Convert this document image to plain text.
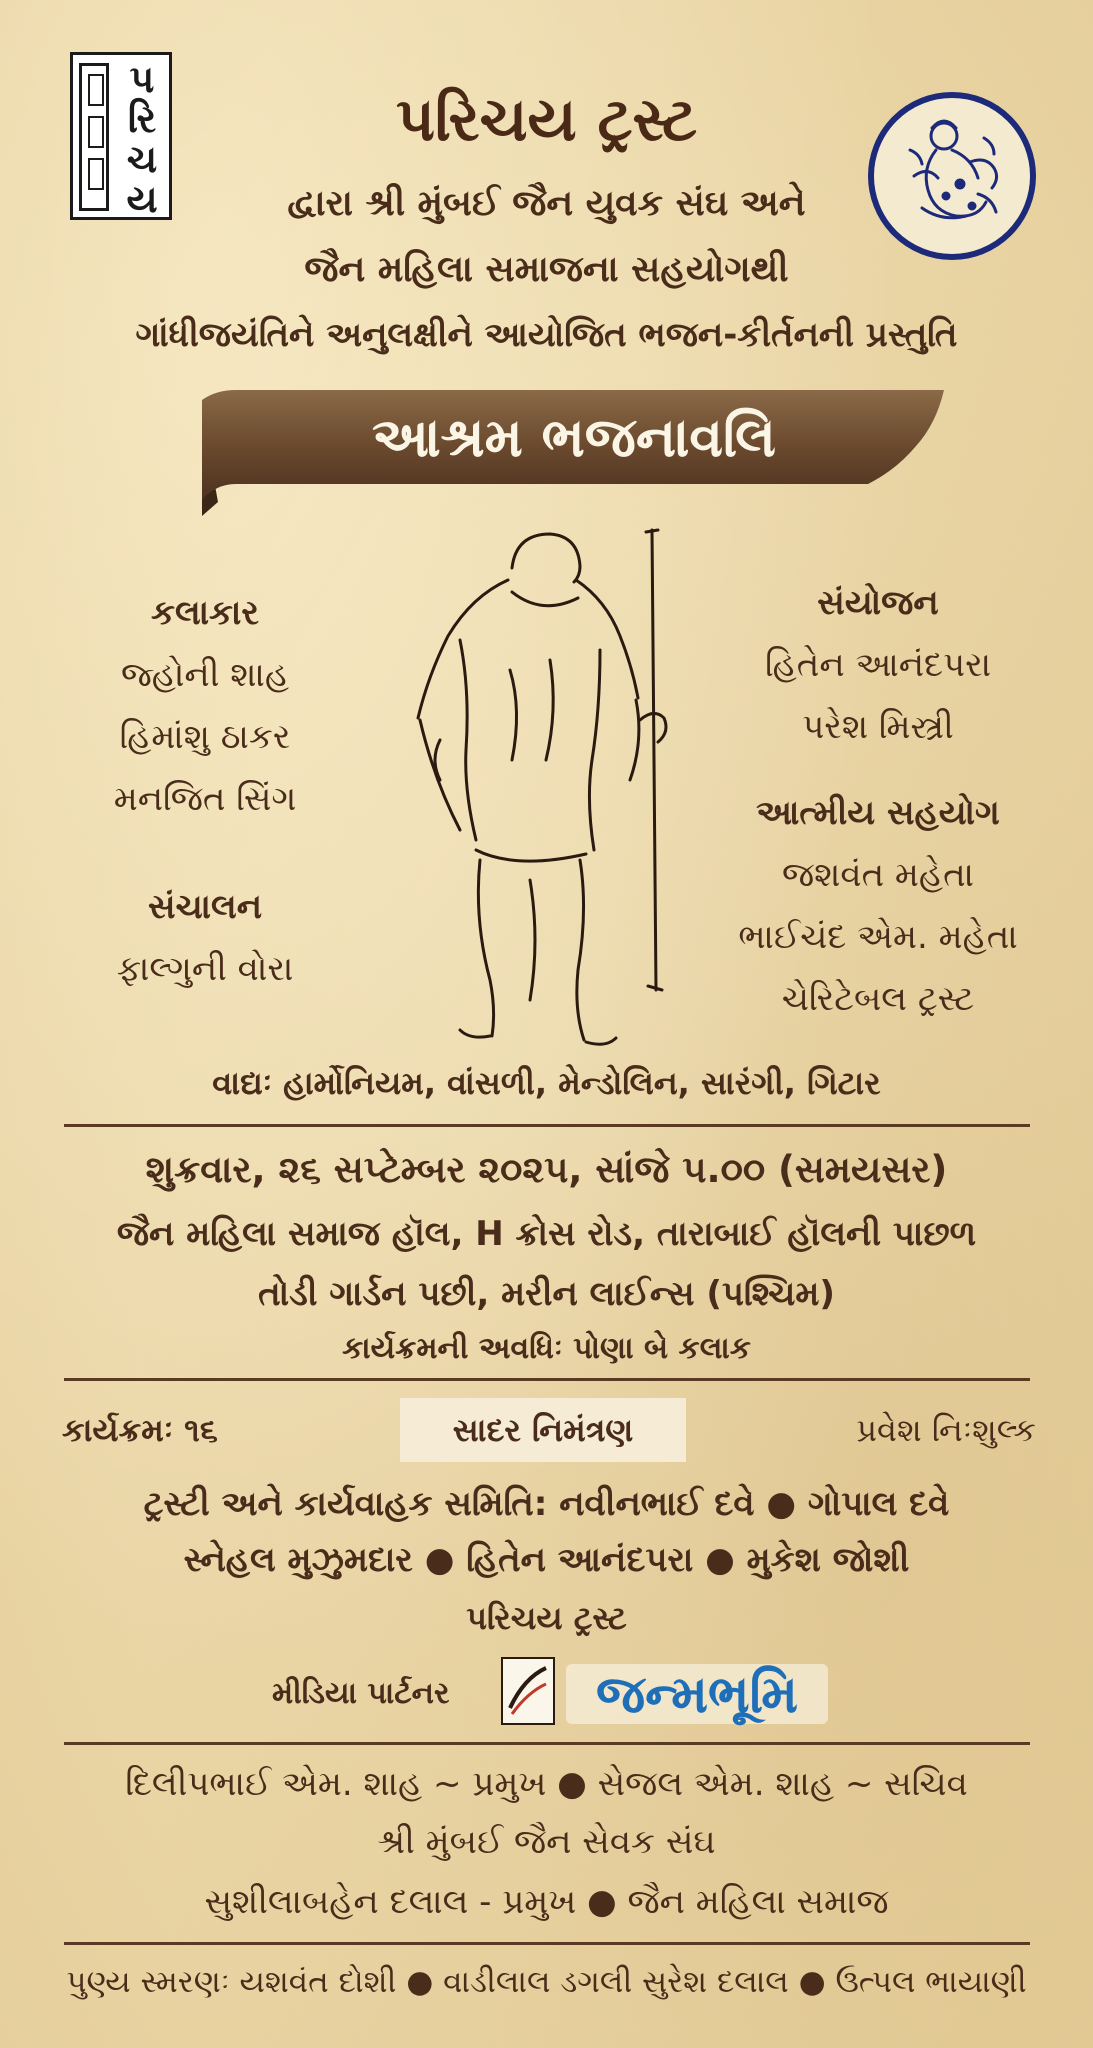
પ
રિ
ચ
ય
પરિચય ટ્રસ્ટ
દ્વારા શ્રી મુંબઈ જૈન યુવક સંઘ અને
જૈન મહિલા સમાજના સહયોગથી
ગાંધીજયંતિને અનુલક્ષીને આયોજિત ભજન-કીર્તનની પ્રસ્તુતિ
આશ્રમ ભજનાવલિ
કલાકાર
જ્હોની શાહ
હિમાંશુ ઠાકર
મનજિત સિંગ
સંચાલન
ફાલ્ગુની વોરા
સંયોજન
હિતેન આનંદપરા
પરેશ મિસ્ત્રી
આત્મીય સહયોગ
જશવંત મહેતા
ભાઈચંદ એમ. મહેતા
ચેરિટેબલ ટ્રસ્ટ
વાદ્યઃ હાર્મોનિયમ, વાંસળી, મેન્ડોલિન, સારંગી, ગિટાર
શુક્રવાર, ૨૬ સપ્ટેમ્બર ૨૦૨૫, સાંજે ૫.૦૦ (સમયસર)
જૈન મહિલા સમાજ હૉલ, H ક્રોસ રોડ, તારાબાઈ હૉલની પાછળ
તોડી ગાર્ડન પછી, મરીન લાઈન્સ (પશ્ચિમ)
કાર્યક્રમની અવધિઃ પોણા બે કલાક
કાર્યક્રમઃ ૧૬	સાદર નિમંત્રણ	પ્રવેશ નિઃશુલ્ક
ટ્રસ્ટી અને કાર્યવાહક સમિતિ: નવીનભાઈ દવે ● ગોપાલ દવે
સ્નેહલ મુઝુમદાર ● હિતેન આનંદપરા ● મુકેશ જોશી
પરિચય ટ્રસ્ટ
મીડિયા પાર્ટનર	જન્મભૂમિ
દિલીપભાઈ એમ. શાહ ~ પ્રમુખ ● સેજલ એમ. શાહ ~ સચિવ
શ્રી મુંબઈ જૈન સેવક સંઘ
સુશીલાબહેન દલાલ - પ્રમુખ ● જૈન મહિલા સમાજ
પુણ્ય સ્મરણઃ યશવંત દોશી ● વાડીલાલ ડગલી સુરેશ દલાલ ● ઉત્પલ ભાયાણી
